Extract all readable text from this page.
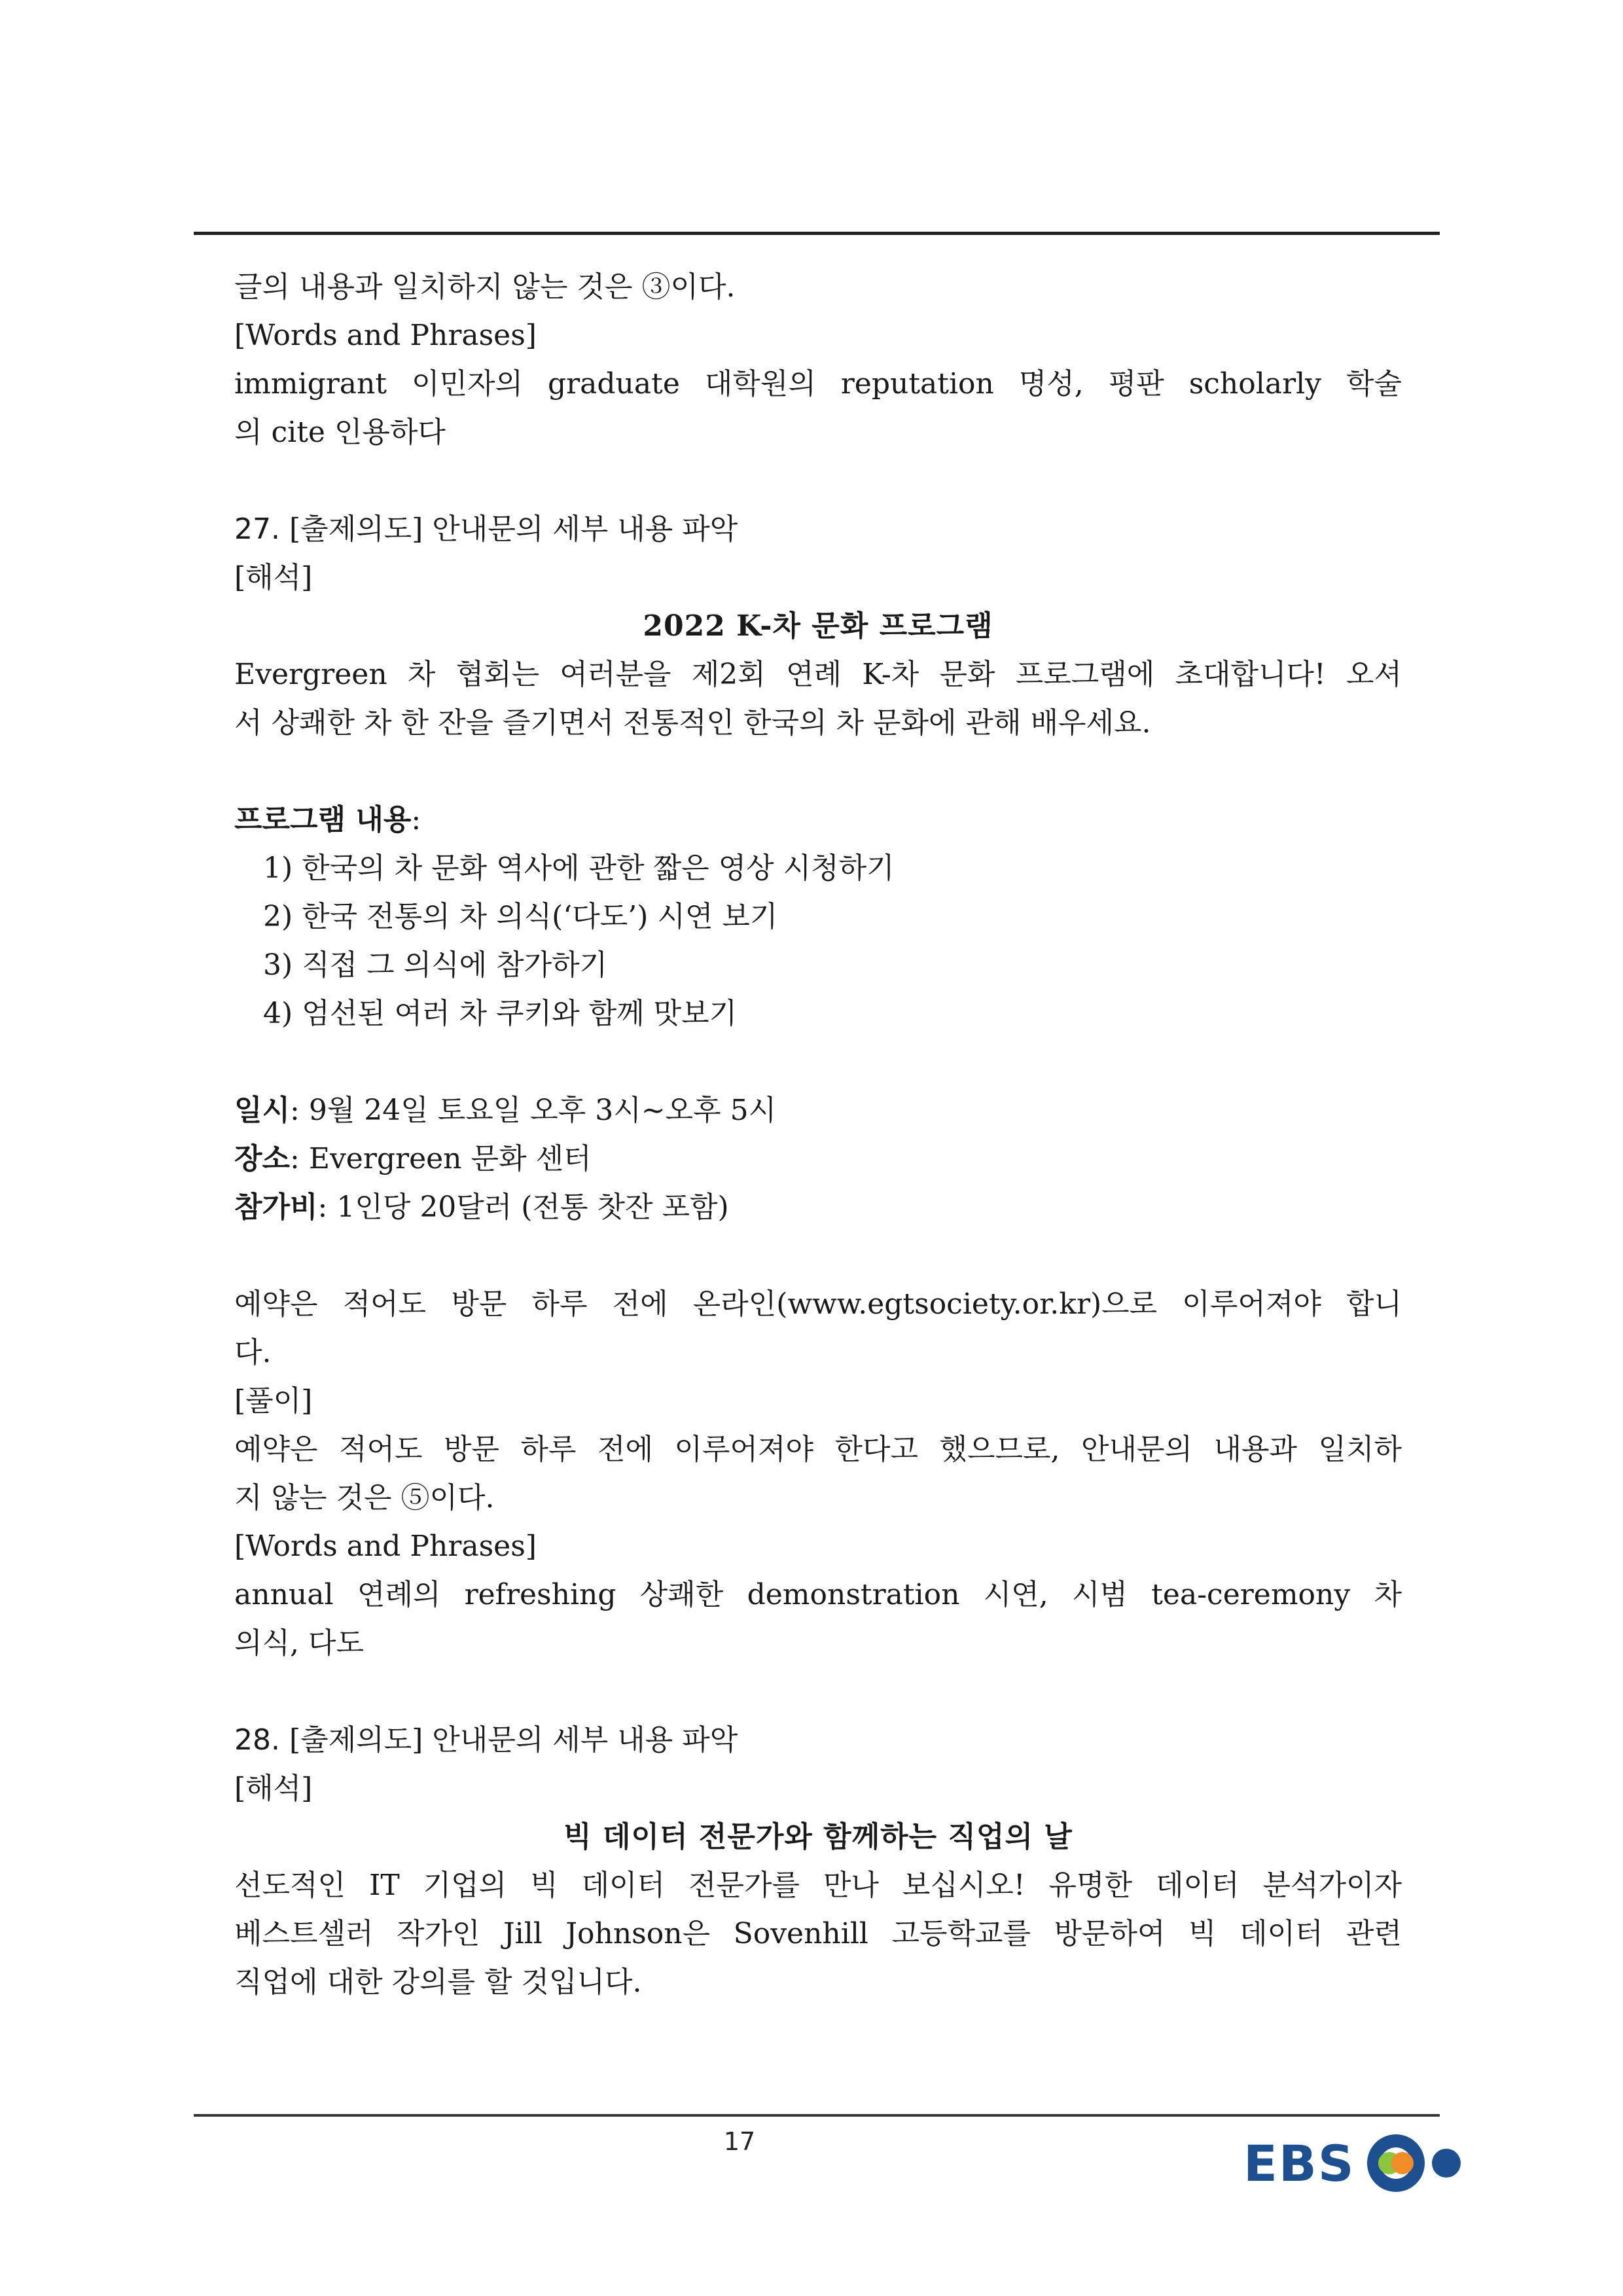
글의 내용과 일치하지 않는 것은 ③이다.
[Words and Phrases]
immigrant 이민자의 graduate 대학원의 reputation 명성, 평판 scholarly 학술
의 cite 인용하다
27. [출제의도] 안내문의 세부 내용 파악
[해석]
2022 K-차 문화 프로그램
Evergreen 차 협회는 여러분을 제2회 연례 K-차 문화 프로그램에 초대합니다! 오셔
서 상쾌한 차 한 잔을 즐기면서 전통적인 한국의 차 문화에 관해 배우세요.
프로그램 내용:
1) 한국의 차 문화 역사에 관한 짧은 영상 시청하기
2) 한국 전통의 차 의식(‘다도’) 시연 보기
3) 직접 그 의식에 참가하기
4) 엄선된 여러 차 쿠키와 함께 맛보기
일시: 9월 24일 토요일 오후 3시~오후 5시
장소: Evergreen 문화 센터
참가비: 1인당 20달러 (전통 찻잔 포함)
예약은 적어도 방문 하루 전에 온라인(www.egtsociety.or.kr)으로 이루어져야 합니
다.
[풀이]
예약은 적어도 방문 하루 전에 이루어져야 한다고 했으므로, 안내문의 내용과 일치하
지 않는 것은 ⑤이다.
[Words and Phrases]
annual 연례의 refreshing 상쾌한 demonstration 시연, 시범 tea-ceremony 차
의식, 다도
28. [출제의도] 안내문의 세부 내용 파악
[해석]
빅 데이터 전문가와 함께하는 직업의 날
선도적인 IT 기업의 빅 데이터 전문가를 만나 보십시오! 유명한 데이터 분석가이자
베스트셀러 작가인 Jill Johnson은 Sovenhill 고등학교를 방문하여 빅 데이터 관련
직업에 대한 강의를 할 것입니다.
17	EBS
